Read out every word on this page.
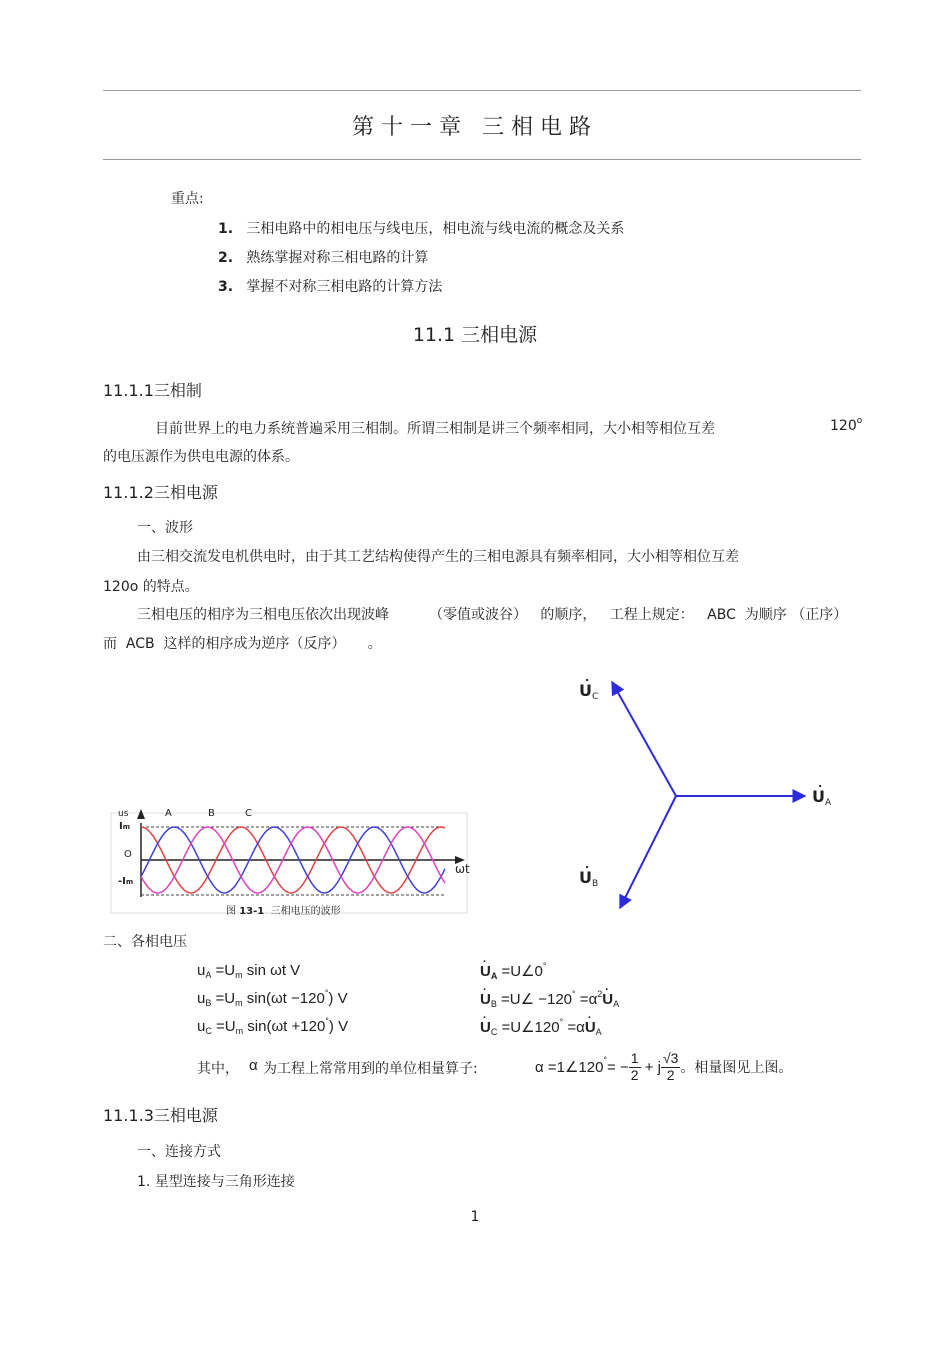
第十一章 三相电路
重点:
1. 三相电路中的相电压与线电压，相电流与线电流的概念及关系
2. 熟练掌握对称三相电路的计算
3. 掌握不对称三相电路的计算方法
11.1 三相电源
11.1.1三相制
目前世界上的电力系统普遍采用三相制。所谓三相制是讲三个频率相同，大小相等相位互差	120$^o$
的电压源作为供电电源的体系。
11.1.2三相电源
一、波形
由三相交流发电机供电时，由于其工艺结构使得产生的三相电源具有频率相同，大小相等相位互差
120o 的特点。
三相电压的相序为三相电压依次出现波峰	（零值或波谷） 的顺序， 工程上规定： ABC 为顺序 （正序）
而 ACB 这样的相序成为逆序（反序） 。
us	A	B	C
Im
O
-Im
ωt
图 13-1 三相电压的波形
.
UC
.
UA
.
UB
二、各相电压
$u_A =U_m$ sin ωt V
$u_B =U_m$ sin(ωt −120°) V
$u_C =U_m$ sin(ωt +120°) V
.
$U_A$ =U∠0°
.
$U_B$ =U∠ $-120^\circ =\alpha^2$
.
$U_A$
.
$U_C$ =U∠120° =α
.
$U_A$
其中， α 为工程上常常用到的单位相量算子:	α =1∠120 ° = − $\frac{1}{2}$
+ j $\frac{√3}{2}$ 。相量图见上图。
11.1.3三相电源
一、连接方式
1. 星型连接与三角形连接
1
